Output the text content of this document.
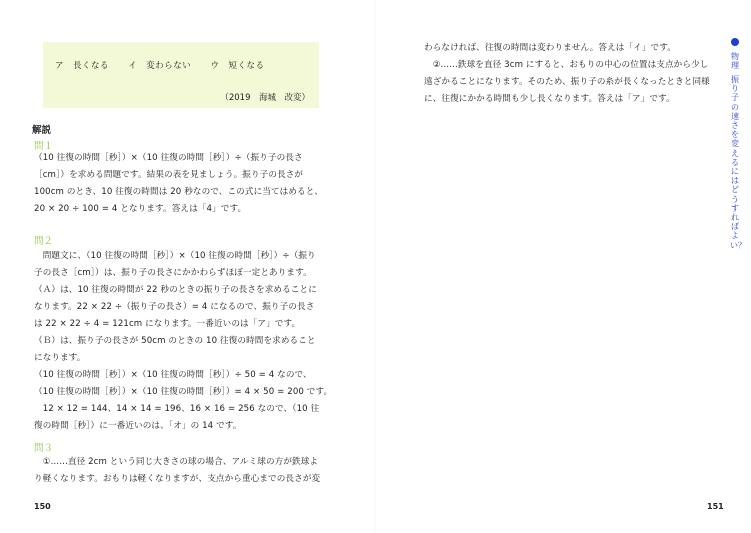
ア　長くなる イ　変わらない ウ　短くなる
（2019　海城　改変）
解説
問１
（10 往復の時間［秒］）×（10 往復の時間［秒］）÷（振り子の長さ
［cm］）を求める問題です。結果の表を見ましょう。振り子の長さが
100cm のとき、10 往復の時間は 20 秒なので、この式に当てはめると、
20 × 20 ÷ 100 = 4 となります。答えは「4」です。
問２
　問題文に、（10 往復の時間［秒］）×（10 往復の時間［秒］）÷（振り
子の長さ［cm］）は、振り子の長さにかかわらずほぼ一定とあります。
（Ａ）は、10 往復の時間が 22 秒のときの振り子の長さを求めることに
なります。22 × 22 ÷（振り子の長さ）= 4 になるので、振り子の長さ
は 22 × 22 ÷ 4 = 121cm になります。一番近いのは「ア」です。
（Ｂ）は、振り子の長さが 50cm のときの 10 往復の時間を求めること
になります。
（10 往復の時間［秒］）×（10 往復の時間［秒］）÷ 50 = 4 なので、
（10 往復の時間［秒］）×（10 往復の時間［秒］）= 4 × 50 = 200 です。
　12 × 12 = 144、14 × 14 = 196、16 × 16 = 256 なので、（10 往
復の時間［秒］）に一番近いのは、「オ」の 14 です。
問３
　①……直径 2cm という同じ大きさの球の場合、アルミ球の方が鉄球よ
り軽くなります。おもりは軽くなりますが、支点から重心までの長さが変
150
わらなければ、往復の時間は変わりません。答えは「イ」です。
　②……鉄球を直径 3cm にすると、おもりの中心の位置は支点から少し
遠ざかることになります。そのため、振り子の糸が長くなったときと同様
に、往復にかかる時間も少し長くなります。答えは「ア」です。
151
物理
振り子の速さを変えるにはどうすればよい？
